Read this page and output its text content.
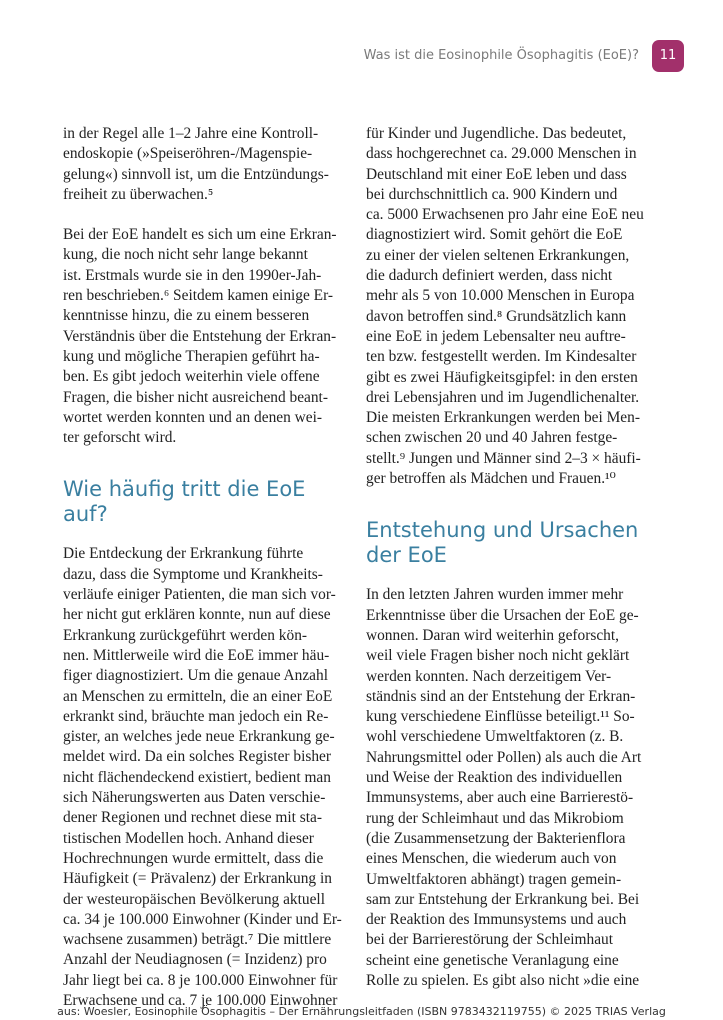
Was ist die Eosinophile Ösophagitis (EoE)?	11

in der Regel alle 1–2 Jahre eine Kontroll-
endoskopie (»Speiseröhren-/Magenspie-
gelung«) sinnvoll ist, um die Entzündungs-
freiheit zu überwachen.⁵

Bei der EoE handelt es sich um eine Erkran-
kung, die noch nicht sehr lange bekannt
ist. Erstmals wurde sie in den 1990er-Jah-
ren beschrieben.⁶ Seitdem kamen einige Er-
kenntnisse hinzu, die zu einem besseren
Verständnis über die Entstehung der Erkran-
kung und mögliche Therapien geführt ha-
ben. Es gibt jedoch weiterhin viele offene
Fragen, die bisher nicht ausreichend beant-
wortet werden konnten und an denen wei-
ter geforscht wird.

Wie häufig tritt die EoE auf?

Die Entdeckung der Erkrankung führte
dazu, dass die Symptome und Krankheits-
verläufe einiger Patienten, die man sich vor-
her nicht gut erklären konnte, nun auf diese
Erkrankung zurückgeführt werden kön-
nen. Mittlerweile wird die EoE immer häu-
figer diagnostiziert. Um die genaue Anzahl
an Menschen zu ermitteln, die an einer EoE
erkrankt sind, bräuchte man jedoch ein Re-
gister, an welches jede neue Erkrankung ge-
meldet wird. Da ein solches Register bisher
nicht flächendeckend existiert, bedient man
sich Näherungswerten aus Daten verschie-
dener Regionen und rechnet diese mit sta-
tistischen Modellen hoch. Anhand dieser
Hochrechnungen wurde ermittelt, dass die
Häufigkeit (= Prävalenz) der Erkrankung in
der westeuropäischen Bevölkerung aktuell
ca. 34 je 100.000 Einwohner (Kinder und Er-
wachsene zusammen) beträgt.⁷ Die mittlere
Anzahl der Neudiagnosen (= Inzidenz) pro
Jahr liegt bei ca. 8 je 100.000 Einwohner für
Erwachsene und ca. 7 je 100.000 Einwohner

für Kinder und Jugendliche. Das bedeutet,
dass hochgerechnet ca. 29.000 Menschen in
Deutschland mit einer EoE leben und dass
bei durchschnittlich ca. 900 Kindern und
ca. 5000 Erwachsenen pro Jahr eine EoE neu
diagnostiziert wird. Somit gehört die EoE
zu einer der vielen seltenen Erkrankungen,
die dadurch definiert werden, dass nicht
mehr als 5 von 10.000 Menschen in Europa
davon betroffen sind.⁸ Grundsätzlich kann
eine EoE in jedem Lebensalter neu auftre-
ten bzw. festgestellt werden. Im Kindesalter
gibt es zwei Häufigkeitsgipfel: in den ersten
drei Lebensjahren und im Jugendlichenalter.
Die meisten Erkrankungen werden bei Men-
schen zwischen 20 und 40 Jahren festge-
stellt.⁹ Jungen und Männer sind 2–3 × häufi-
ger betroffen als Mädchen und Frauen.¹⁰

Entstehung und Ursachen
der EoE

In den letzten Jahren wurden immer mehr
Erkenntnisse über die Ursachen der EoE ge-
wonnen. Daran wird weiterhin geforscht,
weil viele Fragen bisher noch nicht geklärt
werden konnten. Nach derzeitigem Ver-
ständnis sind an der Entstehung der Erkran-
kung verschiedene Einflüsse beteiligt.¹¹ So-
wohl verschiedene Umweltfaktoren (z. B.
Nahrungsmittel oder Pollen) als auch die Art
und Weise der Reaktion des individuellen
Immunsystems, aber auch eine Barrierestö-
rung der Schleimhaut und das Mikrobiom
(die Zusammensetzung der Bakterienflora
eines Menschen, die wiederum auch von
Umweltfaktoren abhängt) tragen gemein-
sam zur Entstehung der Erkrankung bei. Bei
der Reaktion des Immunsystems und auch
bei der Barrierestörung der Schleimhaut
scheint eine genetische Veranlagung eine
Rolle zu spielen. Es gibt also nicht »die eine

aus: Woesler, Eosinophile Ösophagitis – Der Ernährungsleitfaden (ISBN 9783432119755) © 2025 TRIAS Verlag
